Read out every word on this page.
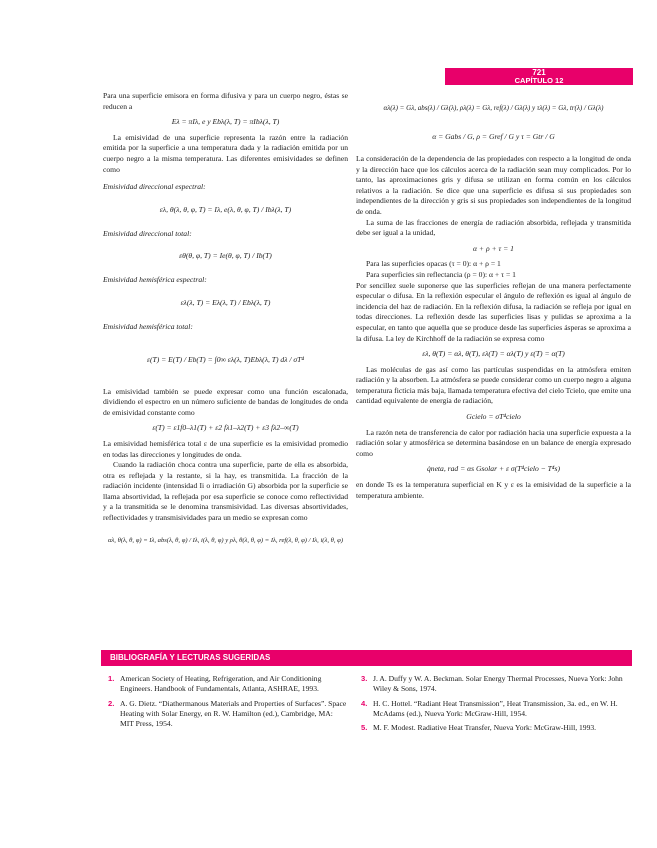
721
CAPÍTULO 12

Para una superficie emisora en forma difusiva y para un cuerpo negro, éstas se reducen a

Eλ = πIλ, e y Ebλ(λ, T) = πIbλ(λ, T)

La emisividad de una superficie representa la razón entre la radiación emitida por la superficie a una temperatura dada y la radiación emitida por un cuerpo negro a la misma temperatura. Las diferentes emisividades se definen como

Emisividad direccional espectral:
ελ, θ(λ, θ, φ, T) = Iλ, e(λ, θ, φ, T) / Ibλ(λ, T)
Emisividad direccional total:
εθ(θ, φ, T) = Ie(θ, φ, T) / Ib(T)
Emisividad hemisférica espectral:
ελ(λ, T) = Eλ(λ, T) / Ebλ(λ, T)
Emisividad hemisférica total:
ε(T) = E(T) / Eb(T) = ∫0∞ ελ(λ, T)Ebλ(λ, T) dλ / σT⁴

La emisividad también se puede expresar como una función escalonada, dividiendo el espectro en un número suficiente de bandas de longitudes de onda de emisividad constante como

ε(T) = ε1f0–λ1(T) + ε2 fλ1–λ2(T) + ε3 fλ2–∞(T)

La emisividad hemisférica total ε de una superficie es la emisividad promedio en todas las direcciones y longitudes de onda.

Cuando la radiación choca contra una superficie, parte de ella es absorbida, otra es reflejada y la restante, si la hay, es transmitida. La fracción de la radiación incidente (intensidad Ii o irradiación G) absorbida por la superficie se llama absortividad, la reflejada por esa superficie se conoce como reflectividad y a la transmitida se le denomina transmisividad. Las diversas absortividades, reflectividades y transmisividades para un medio se expresan como

αλ, θ(λ, θ, φ) = Iλ, abs(λ, θ, φ) / Iλ, i(λ, θ, φ) y ρλ, θ(λ, θ, φ) = Iλ, ref(λ, θ, φ) / Iλ, i(λ, θ, φ)
αλ(λ) = Gλ, abs(λ) / Gλ(λ), ρλ(λ) = Gλ, ref(λ) / Gλ(λ) y τλ(λ) = Gλ, tr(λ) / Gλ(λ)
α = Gabs / G, ρ = Gref / G y τ = Gtr / G

La consideración de la dependencia de las propiedades con respecto a la longitud de onda y la dirección hace que los cálculos acerca de la radiación sean muy complicados. Por lo tanto, las aproximaciones gris y difusa se utilizan en forma común en los cálculos relativos a la radiación. Se dice que una superficie es difusa si sus propiedades son independientes de la dirección y gris si sus propiedades son independientes de la longitud de onda.

La suma de las fracciones de energía de radiación absorbida, reflejada y transmitida debe ser igual a la unidad,

α + ρ + τ = 1

Para las superficies opacas (τ = 0): α + ρ = 1

Para superficies sin reflectancia (ρ = 0): α + τ = 1

Por sencillez suele suponerse que las superficies reflejan de una manera perfectamente especular o difusa. En la reflexión especular el ángulo de reflexión es igual al ángulo de incidencia del haz de radiación. En la reflexión difusa, la radiación se refleja por igual en todas direcciones. La reflexión desde las superficies lisas y pulidas se aproxima a la especular, en tanto que aquella que se produce desde las superficies ásperas se aproxima a la difusa. La ley de Kirchhoff de la radiación se expresa como

ελ, θ(T) = αλ, θ(T), ελ(T) = αλ(T) y ε(T) = α(T)

Las moléculas de gas así como las partículas suspendidas en la atmósfera emiten radiación y la absorben. La atmósfera se puede considerar como un cuerpo negro a alguna temperatura ficticia más baja, llamada temperatura efectiva del cielo Tcielo, que emite una cantidad equivalente de energía de radiación,

Gcielo = σT⁴cielo

La razón neta de transferencia de calor por radiación hacia una superficie expuesta a la radiación solar y atmosférica se determina basándose en un balance de energía expresado como

q̇neta, rad = αs Gsolar + ε σ(T⁴cielo − T⁴s)

en donde Ts es la temperatura superficial en K y ε es la emisividad de la superficie a la temperatura ambiente.

BIBLIOGRAFÍA Y LECTURAS SUGERIDAS
1. American Society of Heating, Refrigeration, and Air Conditioning Engineers. Handbook of Fundamentals, Atlanta, ASHRAE, 1993.
2. A. G. Dietz. “Diathermanous Materials and Properties of Surfaces”. Space Heating with Solar Energy, en R. W. Hamilton (ed.), Cambridge, MA: MIT Press, 1954.
3. J. A. Duffy y W. A. Beckman. Solar Energy Thermal Processes, Nueva York: John Wiley & Sons, 1974.
4. H. C. Hottel. “Radiant Heat Transmission”, Heat Transmission, 3a. ed., en W. H. McAdams (ed.), Nueva York: McGraw-Hill, 1954.
5. M. F. Modest. Radiative Heat Transfer, Nueva York: McGraw-Hill, 1993.
